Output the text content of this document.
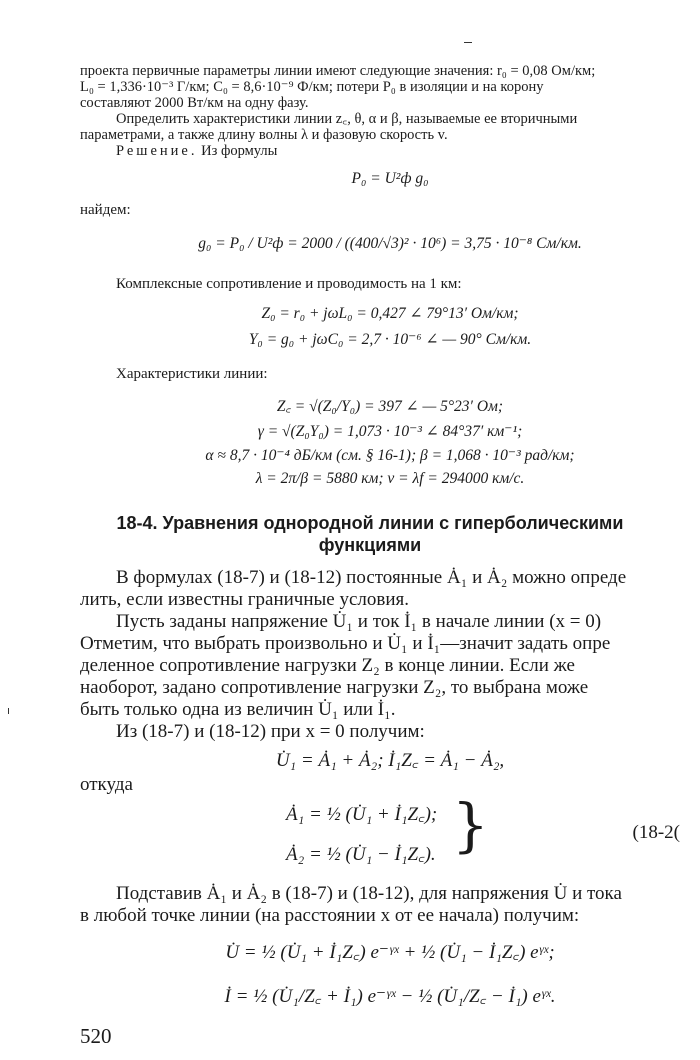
проекта первичные параметры линии имеют следующие значения: r₀ = 0,08 Ом/км;

L₀ = 1,336·10⁻³ Г/км; C₀ = 8,6·10⁻⁹ Ф/км; потери P₀ в изоляции и на корону

составляют 2000 Вт/км на одну фазу.

Определить характеристики линии z꜀, θ, α и β, называемые ее вторичными

параметрами, а также длину волны λ и фазовую скорость v.

Решение. Из формулы

P₀ = U²ф g₀
найдем:
g₀ = P₀ / U²ф = 2000 / ((400/√3)² · 10⁶) = 3,75 · 10⁻⁸ См/км.
Комплексные сопротивление и проводимость на 1 км:
Z₀ = r₀ + jωL₀ = 0,427 ∠ 79°13′ Ом/км;
Y₀ = g₀ + jωC₀ = 2,7 · 10⁻⁶ ∠ — 90° См/км.
Характеристики линии:
Z꜀ = √(Z₀/Y₀) = 397 ∠ — 5°23′ Ом;
γ = √(Z₀Y₀) = 1,073 · 10⁻³ ∠ 84°37′ км⁻¹;
α ≈ 8,7 · 10⁻⁴ дБ/км (см. § 16-1); β = 1,068 · 10⁻³ рад/км;
λ = 2π/β = 5880 км; v = λf = 294000 км/с.
18-4. Уравнения однородной линии с гиперболическими
функциями

В формулах (18-7) и (18-12) постоянные Ȧ₁ и Ȧ₂ можно опреде

лить, если известны граничные условия.

Пусть заданы напряжение U̇₁ и ток İ₁ в начале линии (x = 0)

Отметим, что выбрать произвольно и U̇₁ и İ₁—значит задать опре

деленное сопротивление нагрузки Z₂ в конце линии. Если же

наоборот, задано сопротивление нагрузки Z₂, то выбрана може

быть только одна из величин U̇₁ или İ₁.

Из (18-7) и (18-12) при x = 0 получим:

U̇₁ = Ȧ₁ + Ȧ₂; İ₁Z꜀ = Ȧ₁ − Ȧ₂,
откуда
Ȧ₁ = ½ (U̇₁ + İ₁Z꜀);
Ȧ₂ = ½ (U̇₁ − İ₁Z꜀). }	(18-2(

Подставив Ȧ₁ и Ȧ₂ в (18-7) и (18-12), для напряжения U̇ и тока

в любой точке линии (на расстоянии x от ее начала) получим:

U̇ = ½ (U̇₁ + İ₁Z꜀) e⁻ᵞˣ + ½ (U̇₁ − İ₁Z꜀) eᵞˣ;
İ = ½ (U̇₁/Z꜀ + İ₁) e⁻ᵞˣ − ½ (U̇₁/Z꜀ − İ₁) eᵞˣ.
520
